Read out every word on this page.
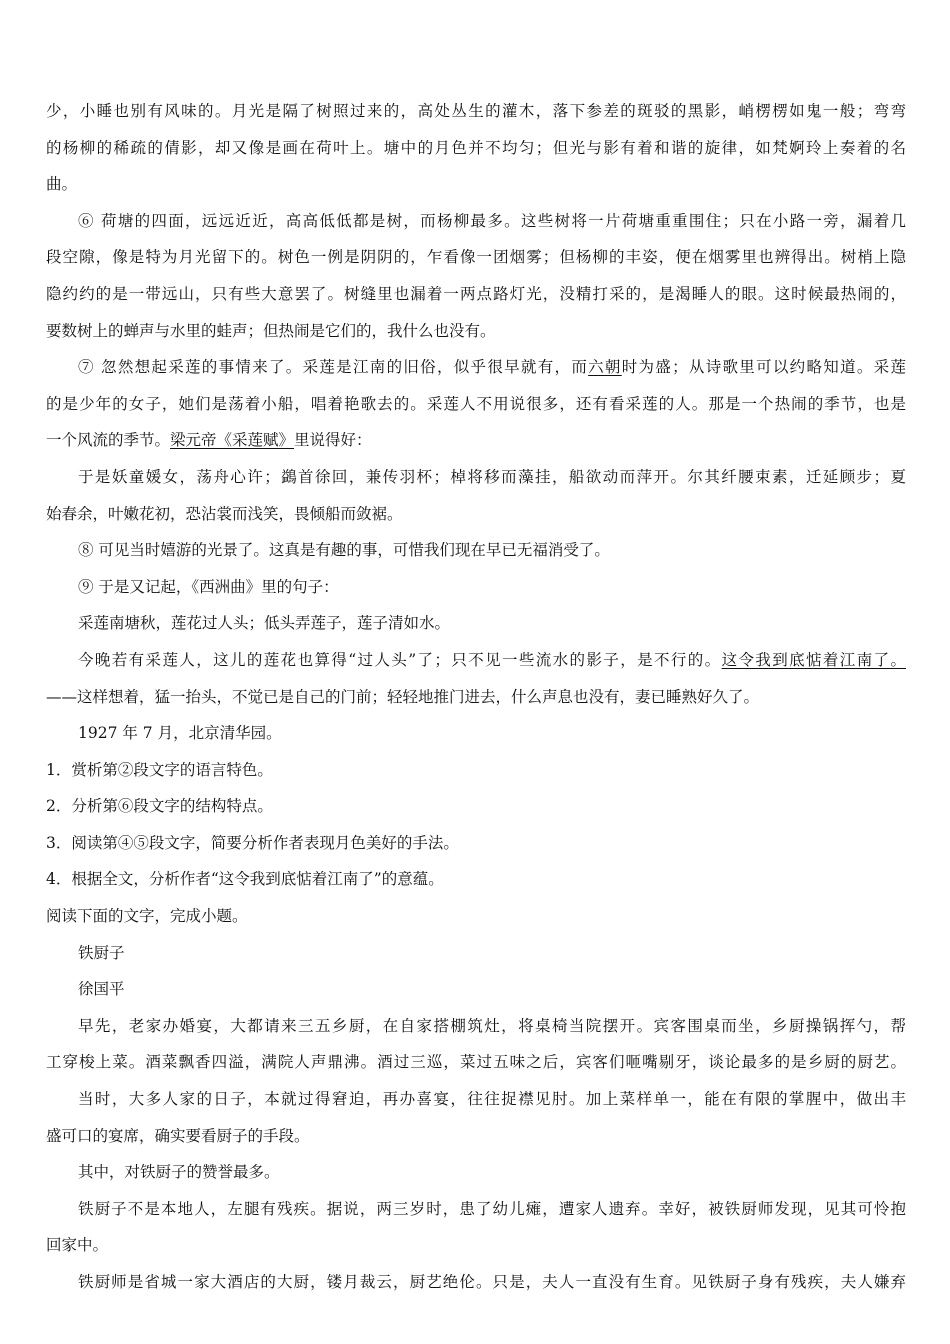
少，小睡也别有风味的。月光是隔了树照过来的，高处丛生的灌木，落下参差的斑驳的黑影，峭楞楞如鬼一般；弯弯
的杨柳的稀疏的倩影，却又像是画在荷叶上。塘中的月色并不均匀；但光与影有着和谐的旋律，如梵婀玲上奏着的名
曲。
⑥ 荷塘的四面，远远近近，高高低低都是树，而杨柳最多。这些树将一片荷塘重重围住；只在小路一旁，漏着几
段空隙，像是特为月光留下的。树色一例是阴阴的，乍看像一团烟雾；但杨柳的丰姿，便在烟雾里也辨得出。树梢上隐
隐约约的是一带远山，只有些大意罢了。树缝里也漏着一两点路灯光，没精打采的，是渴睡人的眼。这时候最热闹的，
要数树上的蝉声与水里的蛙声；但热闹是它们的，我什么也没有。
⑦ 忽然想起采莲的事情来了。采莲是江南的旧俗，似乎很早就有，而六朝时为盛；从诗歌里可以约略知道。采莲
的是少年的女子，她们是荡着小船，唱着艳歌去的。采莲人不用说很多，还有看采莲的人。那是一个热闹的季节，也是
一个风流的季节。梁元帝《采莲赋》里说得好：
于是妖童媛女，荡舟心许；鷁首徐回，兼传羽杯；棹将移而藻挂，船欲动而萍开。尔其纤腰束素，迁延顾步；夏
始春余，叶嫩花初，恐沾裳而浅笑，畏倾船而敛裾。
⑧ 可见当时嬉游的光景了。这真是有趣的事，可惜我们现在早已无福消受了。
⑨ 于是又记起，《西洲曲》里的句子：
采莲南塘秋，莲花过人头；低头弄莲子，莲子清如水。
今晚若有采莲人，这儿的莲花也算得“过人头”了；只不见一些流水的影子，是不行的。这令我到底惦着江南了。
——这样想着，猛一抬头，不觉已是自己的门前；轻轻地推门进去，什么声息也没有，妻已睡熟好久了。
1927 年 7 月，北京清华园。
1．赏析第②段文字的语言特色。
2．分析第⑥段文字的结构特点。
3．阅读第④⑤段文字，简要分析作者表现月色美好的手法。
4．根据全文，分析作者“这令我到底惦着江南了”的意蕴。
阅读下面的文字，完成小题。
铁厨子
徐国平
早先，老家办婚宴，大都请来三五乡厨，在自家搭棚筑灶，将桌椅当院摆开。宾客围桌而坐，乡厨操锅挥勺，帮
工穿梭上菜。酒菜飘香四溢，满院人声鼎沸。酒过三巡，菜过五味之后，宾客们咂嘴剔牙，谈论最多的是乡厨的厨艺。
当时，大多人家的日子，本就过得窘迫，再办喜宴，往往捉襟见肘。加上菜样单一，能在有限的掌腥中，做出丰
盛可口的宴席，确实要看厨子的手段。
其中，对铁厨子的赞誉最多。
铁厨子不是本地人，左腿有残疾。据说，两三岁时，患了幼儿瘫，遭家人遗弃。幸好，被铁厨师发现，见其可怜抱
回家中。
铁厨师是省城一家大酒店的大厨，镂月裁云，厨艺绝伦。只是，夫人一直没有生育。见铁厨子身有残疾，夫人嫌弃
